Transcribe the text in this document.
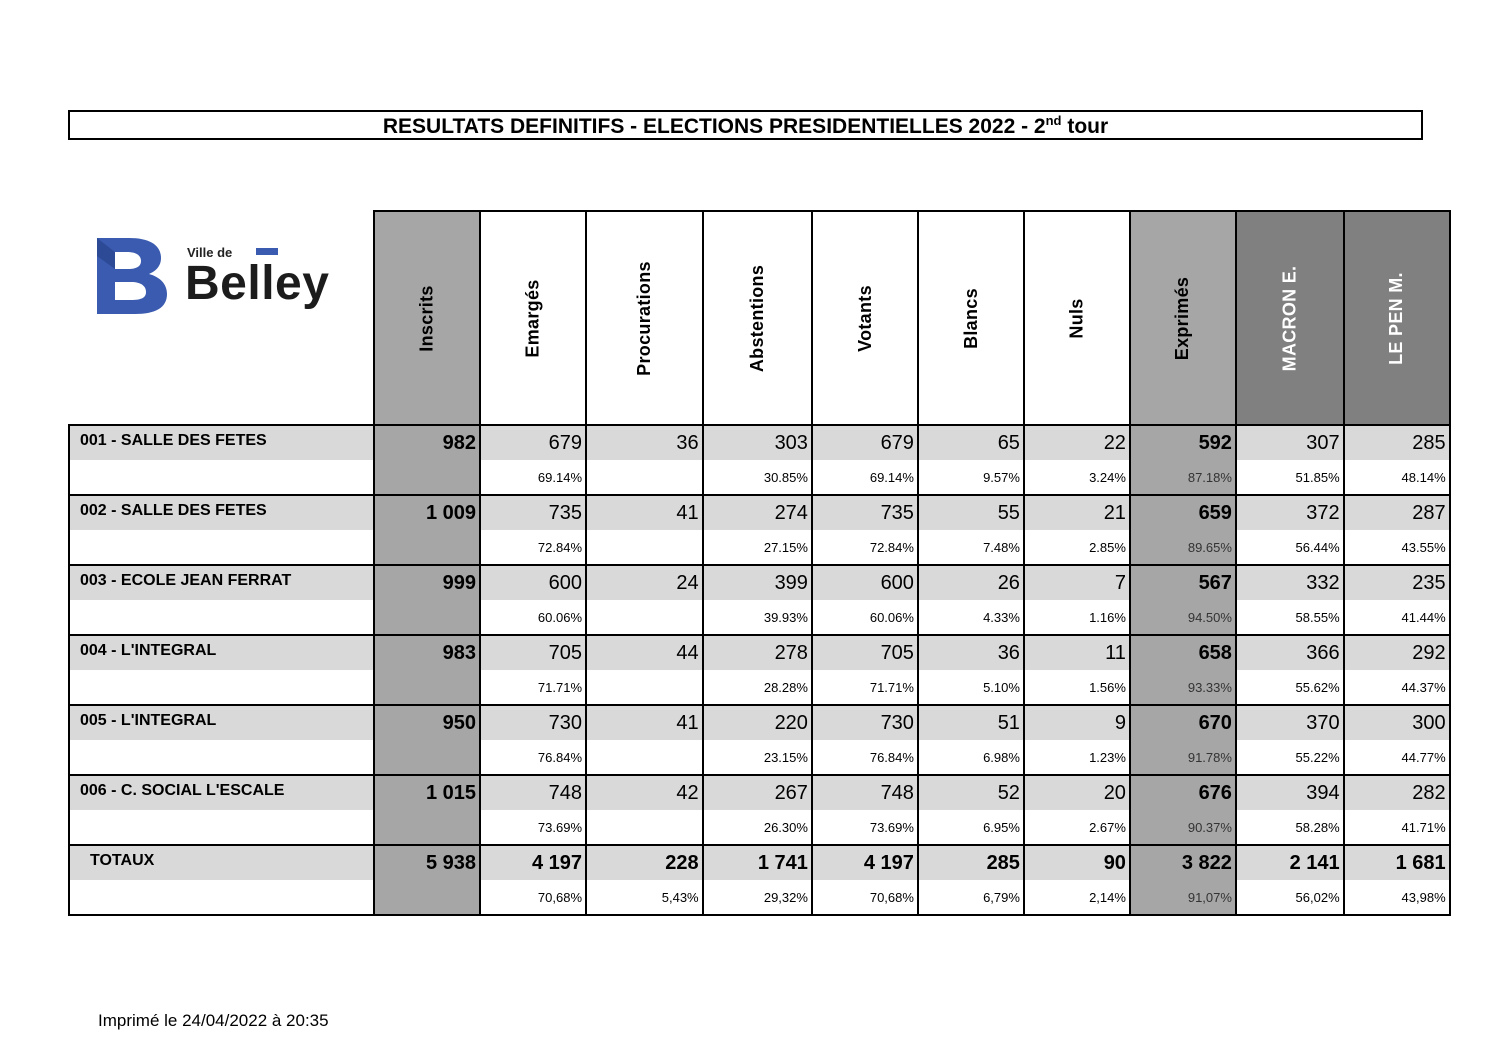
RESULTATS DEFINITIFS - ELECTIONS PRESIDENTIELLES 2022 - 2nd tour
Ville de
Belley	Inscrits	Emargés	Procurations	Abstentions	Votants	Blancs	Nuls	Exprimés	MACRON E.	LE PEN M.
001 - SALLE DES FETES	982	679	36	303	679	65	22	592	307	285
		69.14%		30.85%	69.14%	9.57%	3.24%	87.18%	51.85%	48.14%
002 - SALLE DES FETES	1 009	735	41	274	735	55	21	659	372	287
		72.84%		27.15%	72.84%	7.48%	2.85%	89.65%	56.44%	43.55%
003 - ECOLE JEAN FERRAT	999	600	24	399	600	26	7	567	332	235
		60.06%		39.93%	60.06%	4.33%	1.16%	94.50%	58.55%	41.44%
004 - L'INTEGRAL	983	705	44	278	705	36	11	658	366	292
		71.71%		28.28%	71.71%	5.10%	1.56%	93.33%	55.62%	44.37%
005 - L'INTEGRAL	950	730	41	220	730	51	9	670	370	300
		76.84%		23.15%	76.84%	6.98%	1.23%	91.78%	55.22%	44.77%
006 - C. SOCIAL L'ESCALE	1 015	748	42	267	748	52	20	676	394	282
		73.69%		26.30%	73.69%	6.95%	2.67%	90.37%	58.28%	41.71%
TOTAUX	5 938	4 197	228	1 741	4 197	285	90	3 822	2 141	1 681
		70,68%	5,43%	29,32%	70,68%	6,79%	2,14%	91,07%	56,02%	43,98%
Imprimé le 24/04/2022 à 20:35
